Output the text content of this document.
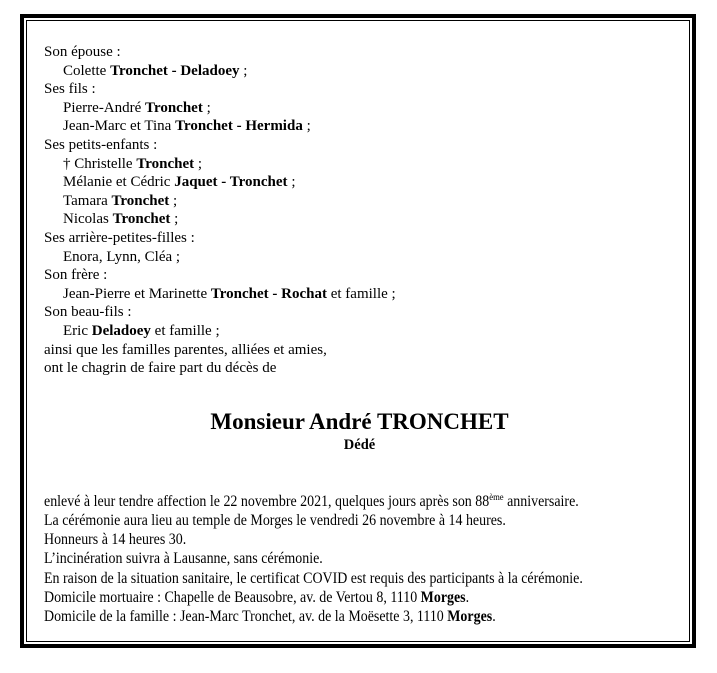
Son épouse :
Colette Tronchet - Deladoey ;
Ses fils :
Pierre-André Tronchet ;
Jean-Marc et Tina Tronchet - Hermida ;
Ses petits-enfants :
† Christelle Tronchet ;
Mélanie et Cédric Jaquet - Tronchet ;
Tamara Tronchet ;
Nicolas Tronchet ;
Ses arrière-petites-filles :
Enora, Lynn, Cléa ;
Son frère :
Jean-Pierre et Marinette Tronchet - Rochat et famille ;
Son beau-fils :
Eric Deladoey et famille ;
ainsi que les familles parentes, alliées et amies,
ont le chagrin de faire part du décès de
Monsieur André TRONCHET
Dédé
enlevé à leur tendre affection le 22 novembre 2021, quelques jours après son 88ème anniversaire.
La cérémonie aura lieu au temple de Morges le vendredi 26 novembre à 14 heures.
Honneurs à 14 heures 30.
L’incinération suivra à Lausanne, sans cérémonie.
En raison de la situation sanitaire, le certificat COVID est requis des participants à la cérémonie.
Domicile mortuaire : Chapelle de Beausobre, av. de Vertou 8, 1110 Morges.
Domicile de la famille : Jean-Marc Tronchet, av. de la Moësette 3, 1110 Morges.
